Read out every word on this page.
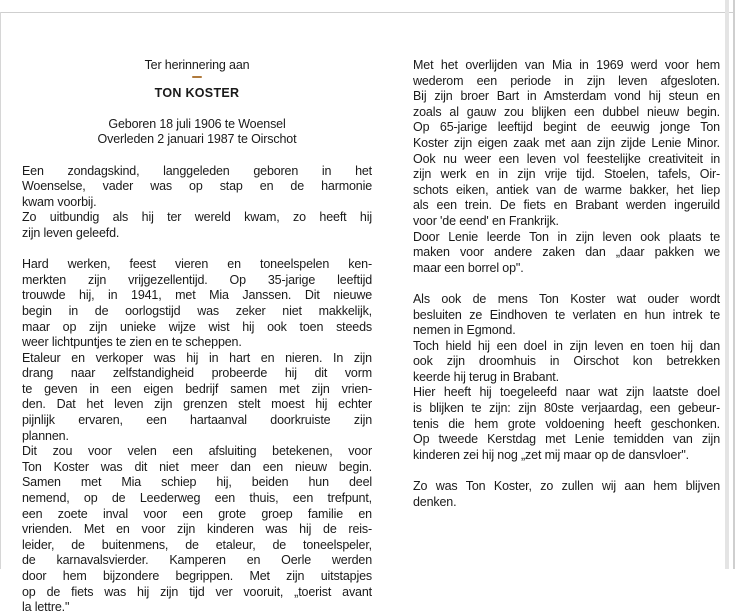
Ter herinnering aan
TON KOSTER
Geboren 18 juli 1906 te Woensel
Overleden 2 januari 1987 te Oirschot
Een zondagskind, langgeleden geboren in het
Woenselse, vader was op stap en de harmonie
kwam voorbij.
Zo uitbundig als hij ter wereld kwam, zo heeft hij
zijn leven geleefd.
Hard werken, feest vieren en toneelspelen ken-
merkten zijn vrijgezellentijd. Op 35-jarige leeftijd
trouwde hij, in 1941, met Mia Janssen. Dit nieuwe
begin in de oorlogstijd was zeker niet makkelijk,
maar op zijn unieke wijze wist hij ook toen steeds
weer lichtpuntjes te zien en te scheppen.
Etaleur en verkoper was hij in hart en nieren. In zijn
drang naar zelfstandigheid probeerde hij dit vorm
te geven in een eigen bedrijf samen met zijn vrien-
den. Dat het leven zijn grenzen stelt moest hij echter
pijnlijk ervaren, een hartaanval doorkruiste zijn
plannen.
Dit zou voor velen een afsluiting betekenen, voor
Ton Koster was dit niet meer dan een nieuw begin.
Samen met Mia schiep hij, beiden hun deel
nemend, op de Leederweg een thuis, een trefpunt,
een zoete inval voor een grote groep familie en
vrienden. Met en voor zijn kinderen was hij de reis-
leider, de buitenmens, de etaleur, de toneelspeler,
de karnavalsvierder. Kamperen en Oerle werden
door hem bijzondere begrippen. Met zijn uitstapjes
op de fiets was hij zijn tijd ver vooruit, „toerist avant
la lettre."
Met het overlijden van Mia in 1969 werd voor hem
wederom een periode in zijn leven afgesloten.
Bij zijn broer Bart in Amsterdam vond hij steun en
zoals al gauw zou blijken een dubbel nieuw begin.
Op 65-jarige leeftijd begint de eeuwig jonge Ton
Koster zijn eigen zaak met aan zijn zijde Lenie Minor.
Ook nu weer een leven vol feestelijke creativiteit in
zijn werk en in zijn vrije tijd. Stoelen, tafels, Oir-
schots eiken, antiek van de warme bakker, het liep
als een trein. De fiets en Brabant werden ingeruild
voor 'de eend' en Frankrijk.
Door Lenie leerde Ton in zijn leven ook plaats te
maken voor andere zaken dan „daar pakken we
maar een borrel op".
Als ook de mens Ton Koster wat ouder wordt
besluiten ze Eindhoven te verlaten en hun intrek te
nemen in Egmond.
Toch hield hij een doel in zijn leven en toen hij dan
ook zijn droomhuis in Oirschot kon betrekken
keerde hij terug in Brabant.
Hier heeft hij toegeleefd naar wat zijn laatste doel
is blijken te zijn: zijn 80ste verjaardag, een gebeur-
tenis die hem grote voldoening heeft geschonken.
Op tweede Kerstdag met Lenie temidden van zijn
kinderen zei hij nog „zet mij maar op de dansvloer".
Zo was Ton Koster, zo zullen wij aan hem blijven
denken.
